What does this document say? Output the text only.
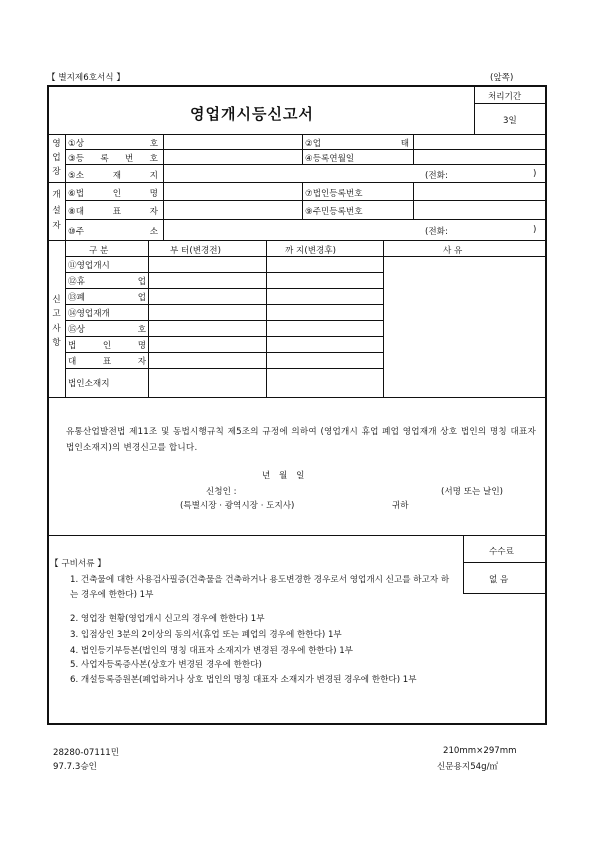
【 별지제6호서식 】	(앞쪽)
영업개시등신고서
처리기간
3일
영
업
장
①상	호	②업	태
③등 록 번 호	④등록연월일
⑤소	재	지	(전화:	)
개
설
자
⑥법	인	명	⑦법인등록번호
⑧대	표	자	⑨주민등록번호
⑩주	소	(전화:	)
신
고
사
항
구 분	부 터(변경전)	까 지(변경후)	사 유
⑪영업개시
⑫휴	업
⑬폐	업
⑭영업재개
⑮상	호
법	인	명
대	표	자
법인소재지
유통산업발전법 제11조 및 동법시행규칙 제5조의 규정에 의하여 (영업개시 휴업 폐업 영업재개 상호 법인의 명칭 대표자 법인소재지)의 변경신고를 합니다.
년 월 일
신청인 :	(서명 또는 날인)
(특별시장 · 광역시장 · 도지사)	귀하
수수료
없 음
【 구비서류 】
1. 건축물에 대한 사용검사필증(건축물을 건축하거나 용도변경한 경우로서 영업개시 신고를 하고자 하는 경우에 한한다) 1부
2. 영업장 현황(영업개시 신고의 경우에 한한다) 1부
3. 입점상인 3분의 2이상의 동의서(휴업 또는 폐업의 경우에 한한다) 1부
4. 법인등기부등본(법인의 명칭 대표자 소재지가 변경된 경우에 한한다) 1부
5. 사업자등록증사본(상호가 변경된 경우에 한한다)
6. 개설등록증원본(폐업하거나 상호 법인의 명칭 대표자 소재지가 변경된 경우에 한한다) 1부
28280-07111민
97.7.3승인
210mm×297mm
신문용지54g/㎡
